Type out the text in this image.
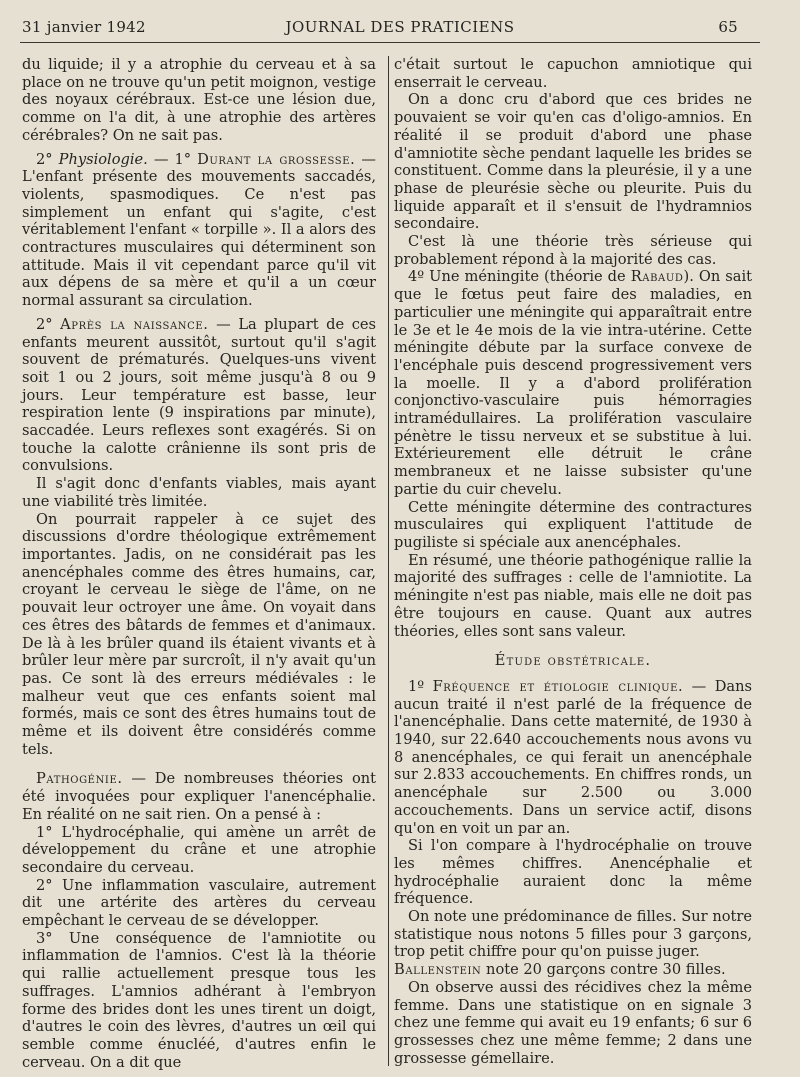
31 janvier 1942	JOURNAL DES PRATICIENS	65

du liquide; il y a atrophie du cerveau et à sa place on ne trouve qu'un petit moignon, vestige des noyaux cérébraux. Est-ce une lésion due, comme on l'a dit, à une atrophie des artères cérébrales? On ne sait pas.

2° Physiologie. — 1° Durant la grossesse. — L'enfant présente des mouvements saccadés, violents, spasmodiques. Ce n'est pas simplement un enfant qui s'agite, c'est véritablement l'enfant « torpille ». Il a alors des contractures musculaires qui déterminent son attitude. Mais il vit cependant parce qu'il vit aux dépens de sa mère et qu'il a un cœur normal assurant sa circulation.

2° Après la naissance. — La plupart de ces enfants meurent aussitôt, surtout qu'il s'agit souvent de prématurés. Quelques-uns vivent soit 1 ou 2 jours, soit même jusqu'à 8 ou 9 jours. Leur température est basse, leur respiration lente (9 inspirations par minute), saccadée. Leurs reflexes sont exagérés. Si on touche la calotte crânienne ils sont pris de convulsions.

Il s'agit donc d'enfants viables, mais ayant une viabilité très limitée.

On pourrait rappeler à ce sujet des discussions d'ordre théologique extrêmement importantes. Jadis, on ne considérait pas les anencéphales comme des êtres humains, car, croyant le cerveau le siège de l'âme, on ne pouvait leur octroyer une âme. On voyait dans ces êtres des bâtards de femmes et d'animaux. De là à les brûler quand ils étaient vivants et à brûler leur mère par surcroît, il n'y avait qu'un pas. Ce sont là des erreurs médiévales : le malheur veut que ces enfants soient mal formés, mais ce sont des êtres humains tout de même et ils doivent être considérés comme tels.

Pathogénie. — De nombreuses théories ont été invoquées pour expliquer l'anencéphalie. En réalité on ne sait rien. On a pensé à :

1° L'hydrocéphalie, qui amène un arrêt de développement du crâne et une atrophie secondaire du cerveau.

2° Une inflammation vasculaire, autrement dit une artérite des artères du cerveau empêchant le cerveau de se développer.

3° Une conséquence de l'amniotite ou inflammation de l'amnios. C'est là la théorie qui rallie actuellement presque tous les suffrages. L'amnios adhérant à l'embryon forme des brides dont les unes tirent un doigt, d'autres le coin des lèvres, d'autres un œil qui semble comme énucléé, d'autres enfin le cerveau. On a dit que

c'était surtout le capuchon amniotique qui enserrait le cerveau.

On a donc cru d'abord que ces brides ne pouvaient se voir qu'en cas d'oligo-amnios. En réalité il se produit d'abord une phase d'amniotite sèche pendant laquelle les brides se constituent. Comme dans la pleurésie, il y a une phase de pleurésie sèche ou pleurite. Puis du liquide apparaît et il s'ensuit de l'hydramnios secondaire.

C'est là une théorie très sérieuse qui probablement répond à la majorité des cas.

4º Une méningite (théorie de Rabaud). On sait que le fœtus peut faire des maladies, en particulier une méningite qui apparaîtrait entre le 3e et le 4e mois de la vie intra-utérine. Cette méningite débute par la surface convexe de l'encéphale puis descend progressivement vers la moelle. Il y a d'abord prolifération conjonctivo-vasculaire puis hémorragies intramédullaires. La prolifération vasculaire pénètre le tissu nerveux et se substitue à lui. Extérieurement elle détruit le crâne membraneux et ne laisse subsister qu'une partie du cuir chevelu.

Cette méningite détermine des contractures musculaires qui expliquent l'attitude de pugiliste si spéciale aux anencéphales.

En résumé, une théorie pathogénique rallie la majorité des suffrages : celle de l'amniotite. La méningite n'est pas niable, mais elle ne doit pas être toujours en cause. Quant aux autres théories, elles sont sans valeur.

Étude obstétricale.

1º Fréquence et étiologie clinique. — Dans aucun traité il n'est parlé de la fréquence de l'anencéphalie. Dans cette maternité, de 1930 à 1940, sur 22.640 accouchements nous avons vu 8 anencéphales, ce qui ferait un anencéphale sur 2.833 accouchements. En chiffres ronds, un anencéphale sur 2.500 ou 3.000 accouchements. Dans un service actif, disons qu'on en voit un par an.

Si l'on compare à l'hydrocéphalie on trouve les mêmes chiffres. Anencéphalie et hydrocéphalie auraient donc la même fréquence.

On note une prédominance de filles. Sur notre statistique nous notons 5 filles pour 3 garçons, trop petit chiffre pour qu'on puisse juger.

Ballenstein note 20 garçons contre 30 filles.

On observe aussi des récidives chez la même femme. Dans une statistique on en signale 3 chez une femme qui avait eu 19 enfants; 6 sur 6 grossesses chez une même femme; 2 dans une grossesse gémellaire.
